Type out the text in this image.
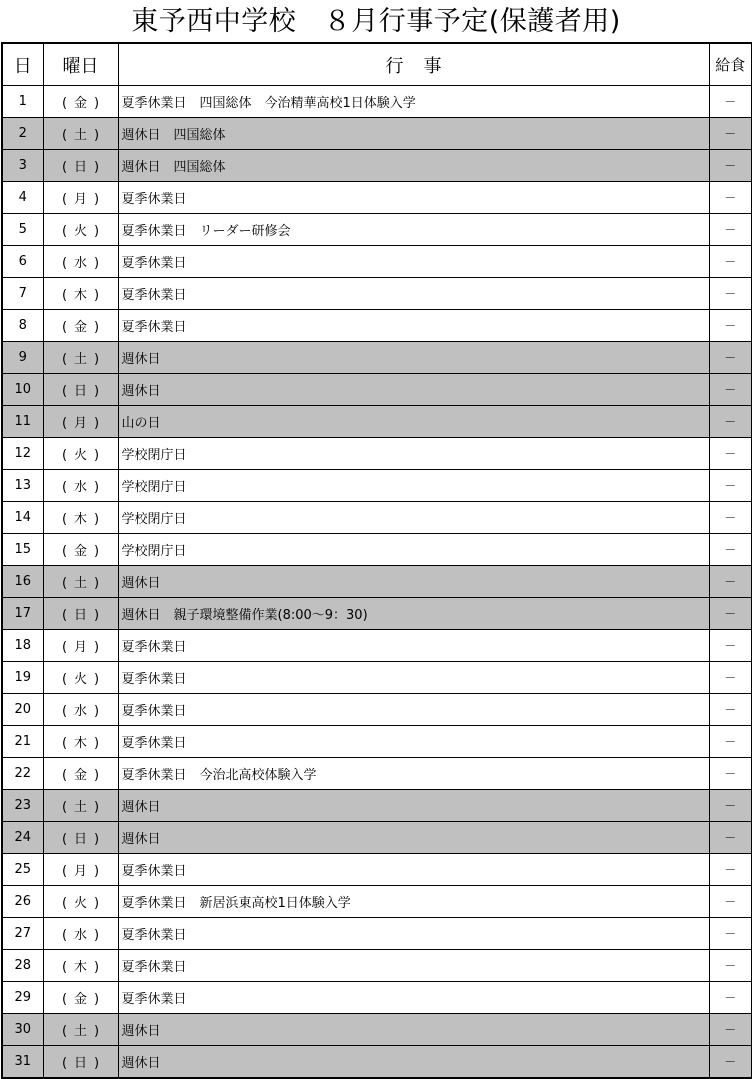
東予西中学校　８月行事予定(保護者用)
日	曜日	行事	給食
1	( 金 )	夏季休業日　四国総体　今治精華高校1日体験入学	－
2	( 土 )	週休日　四国総体	－
3	( 日 )	週休日　四国総体	－
4	( 月 )	夏季休業日	－
5	( 火 )	夏季休業日　リーダー研修会	－
6	( 水 )	夏季休業日	－
7	( 木 )	夏季休業日	－
8	( 金 )	夏季休業日	－
9	( 土 )	週休日	－
10	( 日 )	週休日	－
11	( 月 )	山の日	－
12	( 火 )	学校閉庁日	－
13	( 水 )	学校閉庁日	－
14	( 木 )	学校閉庁日	－
15	( 金 )	学校閉庁日	－
16	( 土 )	週休日	－
17	( 日 )	週休日　親子環境整備作業(8:00～9：30)	－
18	( 月 )	夏季休業日	－
19	( 火 )	夏季休業日	－
20	( 水 )	夏季休業日	－
21	( 木 )	夏季休業日	－
22	( 金 )	夏季休業日　今治北高校体験入学	－
23	( 土 )	週休日	－
24	( 日 )	週休日	－
25	( 月 )	夏季休業日	－
26	( 火 )	夏季休業日　新居浜東高校1日体験入学	－
27	( 水 )	夏季休業日	－
28	( 木 )	夏季休業日	－
29	( 金 )	夏季休業日	－
30	( 土 )	週休日	－
31	( 日 )	週休日	－
